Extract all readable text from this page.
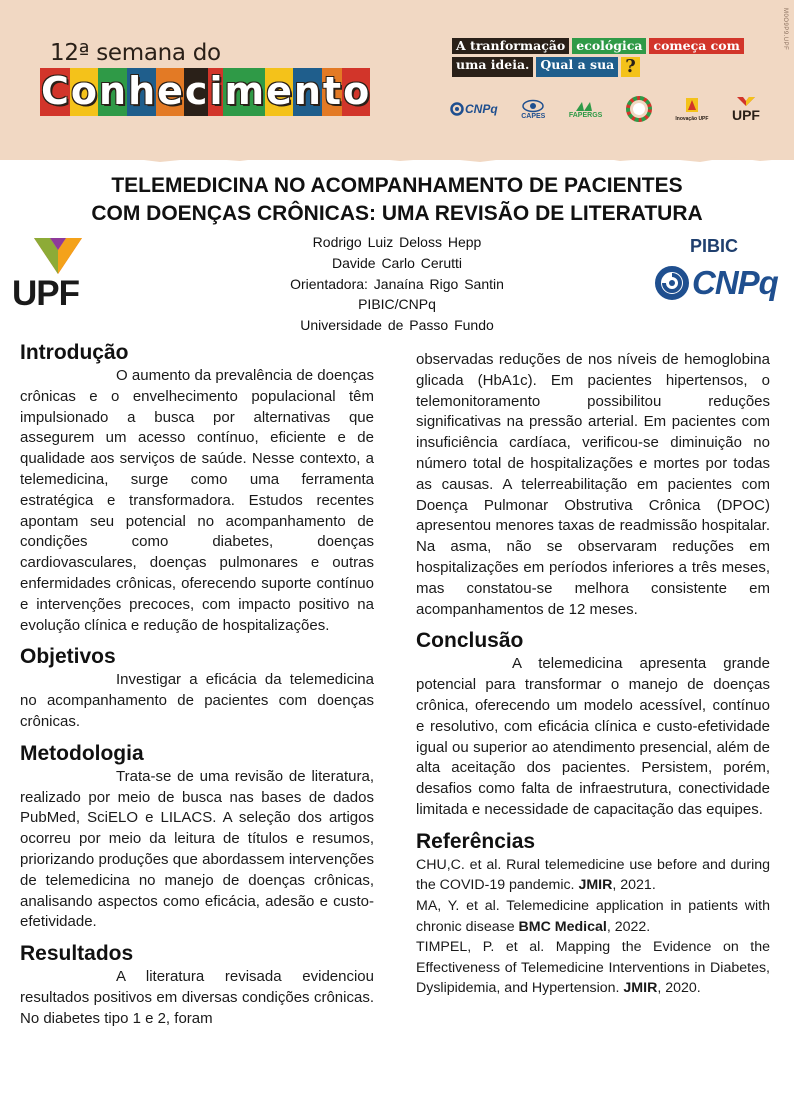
M0O9P9.UPF
12ª semana do
C o n h e c i m e n t o
A tranformação ecológica começa com
uma ideia. Qual a sua ?
CNPq	CAPES	FAPERGS
Inovação UPF UPF
TELEMEDICINA NO ACOMPANHAMENTO DE PACIENTES
COM DOENÇAS CRÔNICAS: UMA REVISÃO DE LITERATURA
Rodrigo Luiz Deloss Hepp
Davide Carlo Cerutti
Orientadora: Janaína Rigo Santin
PIBIC/CNPq
Universidade de Passo Fundo
UPF
PIBIC
CNPq
Introdução

O aumento da prevalência de doenças crônicas e o envelhecimento populacional têm impulsionado a busca por alternativas que assegurem um acesso contínuo, eficiente e de qualidade aos serviços de saúde. Nesse contexto, a telemedicina, surge como uma ferramenta estratégica e transformadora. Estudos recentes apontam seu potencial no acompanhamento de condições como diabetes, doenças cardiovasculares, doenças pulmonares e outras enfermidades crônicas, oferecendo suporte contínuo e intervenções precoces, com impacto positivo na evolução clínica e redução de hospitalizações.

Objetivos

Investigar a eficácia da telemedicina no acompanhamento de pacientes com doenças crônicas.

Metodologia

Trata-se de uma revisão de literatura, realizado por meio de busca nas bases de dados PubMed, SciELO e LILACS. A seleção dos artigos ocorreu por meio da leitura de títulos e resumos, priorizando produções que abordassem intervenções de telemedicina no manejo de doenças crônicas, analisando aspectos como eficácia, adesão e custo-efetividade.

Resultados

A literatura revisada evidenciou resultados positivos em diversas condições crônicas. No diabetes tipo 1 e 2, foram

observadas reduções de nos níveis de hemoglobina glicada (HbA1c). Em pacientes hipertensos, o telemonitoramento possibilitou reduções significativas na pressão arterial. Em pacientes com insuficiência cardíaca, verificou-se diminuição no número total de hospitalizações e mortes por todas as causas. A telerreabilitação em pacientes com Doença Pulmonar Obstrutiva Crônica (DPOC) apresentou menores taxas de readmissão hospitalar. Na asma, não se observaram reduções em hospitalizações em períodos inferiores a três meses, mas constatou-se melhora consistente em acompanhamentos de 12 meses.

Conclusão

A telemedicina apresenta grande potencial para transformar o manejo de doenças crônica, oferecendo um modelo acessível, contínuo e resolutivo, com eficácia clínica e custo-efetividade igual ou superior ao atendimento presencial, além de alta aceitação dos pacientes. Persistem, porém, desafios como falta de infraestrutura, conectividade limitada e necessidade de capacitação das equipes.

Referências

CHU,C. et al. Rural telemedicine use before and during the COVID-19 pandemic. JMIR, 2021.

MA, Y. et al. Telemedicine application in patients with chronic disease BMC Medical, 2022.

TIMPEL, P. et al. Mapping the Evidence on the Effectiveness of Telemedicine Interventions in Diabetes, Dyslipidemia, and Hypertension. JMIR, 2020.
